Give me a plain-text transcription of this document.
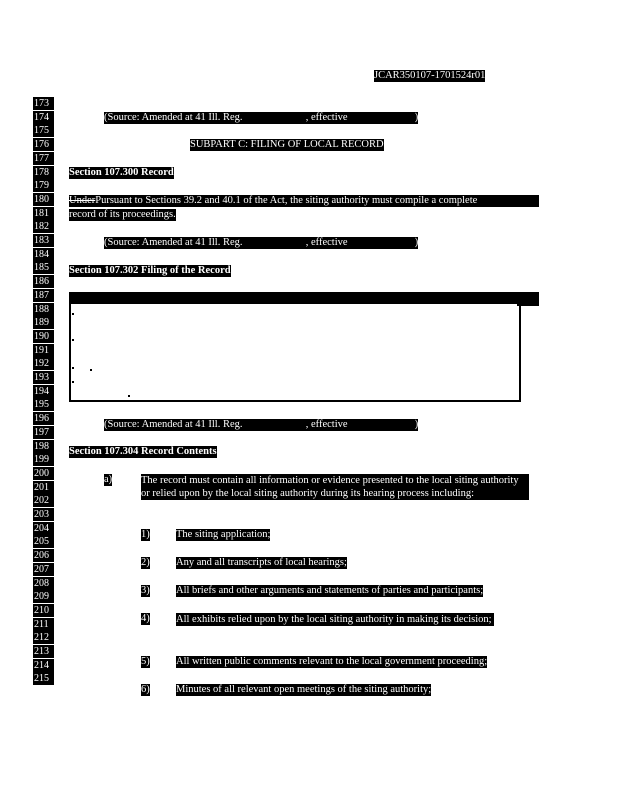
JCAR350107-1701524r01
173
174
175
176
177
178
179
180
181
182
183
184
185
186
187
188
189
190
191
192
193
194
195
196
197
198
199
200
201
202
203
204
205
206
207
208
209
210
211
212
213
214
215
(Source: Amended at 41 Ill. Reg.	, effective	)
SUBPART C: FILING OF LOCAL RECORD
Section 107.300 Record
UnderPursuant to Sections 39.2 and 40.1 of the Act, the siting authority must compile a complete
record of its proceedings.
(Source: Amended at 41 Ill. Reg.	, effective	)
Section 107.302 Filing of the Record
(Source: Amended at 41 Ill. Reg.	, effective	)
Section 107.304 Record Contents
a)	The record must contain all information or evidence presented to the local siting authority or relied upon by the local siting authority during its hearing process including:
1)	The siting application;
2)	Any and all transcripts of local hearings;
3)	All briefs and other arguments and statements of parties and participants;
4)	All exhibits relied upon by the local siting authority in making its decision;
5)	All written public comments relevant to the local government proceeding;
6)	Minutes of all relevant open meetings of the siting authority;
